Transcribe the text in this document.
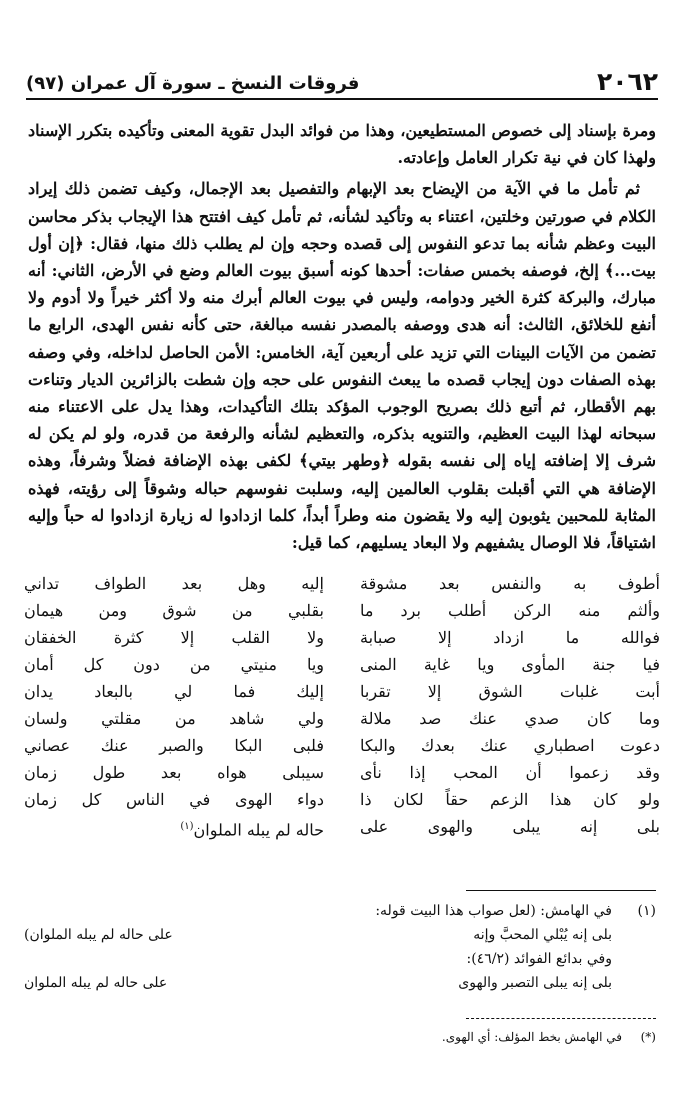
٢٠٦٢
فروقات النسخ ـ سورة آل عمران (٩٧)

ومرة بإسناد إلى خصوص المستطيعين، وهذا من فوائد البدل تقوية المعنى وتأكيده بتكرر الإسناد ولهذا كان في نية تكرار العامل وإعادته.

ثم تأمل ما في الآية من الإيضاح بعد الإبهام والتفصيل بعد الإجمال، وكيف تضمن ذلك إيراد الكلام في صورتين وخلتين، اعتناء به وتأكيد لشأنه، ثم تأمل كيف افتتح هذا الإيجاب بذكر محاسن البيت وعظم شأنه بما تدعو النفوس إلى قصده وحجه وإن لم يطلب ذلك منها، فقال: ﴿إن أول بيت...﴾ إلخ، فوصفه بخمس صفات: أحدها كونه أسبق بيوت العالم وضع في الأرض، الثاني: أنه مبارك، والبركة كثرة الخير ودوامه، وليس في بيوت العالم أبرك منه ولا أكثر خيراً ولا أدوم ولا أنفع للخلائق، الثالث: أنه هدى ووصفه بالمصدر نفسه مبالغة، حتى كأنه نفس الهدى، الرابع ما تضمن من الآيات البينات التي تزيد على أربعين آية، الخامس: الأمن الحاصل لداخله، وفي وصفه بهذه الصفات دون إيجاب قصده ما يبعث النفوس على حجه وإن شطت بالزائرين الديار وتناءت بهم الأقطار، ثم أتبع ذلك بصريح الوجوب المؤكد بتلك التأكيدات، وهذا يدل على الاعتناء منه سبحانه لهذا البيت العظيم، والتنويه بذكره، والتعظيم لشأنه والرفعة من قدره، ولو لم يكن له شرف إلا إضافته إياه إلى نفسه بقوله ﴿وطهر بيتي﴾ لكفى بهذه الإضافة فضلاً وشرفاً، وهذه الإضافة هي التي أقبلت بقلوب العالمين إليه، وسلبت نفوسهم حباله وشوقاً إلى رؤيته، فهذه المثابة للمحبين يثوبون إليه ولا يقضون منه وطراً أبداً، كلما ازدادوا له زيارة ازدادوا له حباً وإليه اشتياقاً، فلا الوصال يشفيهم ولا البعاد يسليهم، كما قيل:

أطوف به والنفس بعد مشوقة
وألثم منه الركن أطلب برد ما
فوالله ما ازداد إلا صبابة
فيا جنة المأوى ويا غاية المنى
أبت غلبات الشوق إلا تقربا
وما كان صدي عنك صد ملالة
دعوت اصطباري عنك بعدك والبكا
وقد زعموا أن المحب إذا نأى
ولو كان هذا الزعم حقاً لكان ذا
بلى إنه يبلى والهوى على
إليه وهل بعد الطواف تداني
بقلبي من شوق ومن هيمان
ولا القلب إلا كثرة الخفقان
ويا منيتي من دون كل أمان
إليك فما لي بالبعاد يدان
ولي شاهد من مقلتي ولسان
فلبى البكا والصبر عنك عصاني
سيبلى هواه بعد طول زمان
دواء الهوى في الناس كل زمان
حاله لم يبله الملوان$^{(١)}$
(١)في الهامش: (لعل صواب هذا البيت قوله:
بلى إنه يُبْلي المحبَّ وإنه
على حاله لم يبله الملوان)
وفي بدائع الفوائد (٤٦/٢):
بلى إنه يبلى التصبر والهوى
على حاله لم يبله الملوان
(*)في الهامش بخط المؤلف: أي الهوى.
